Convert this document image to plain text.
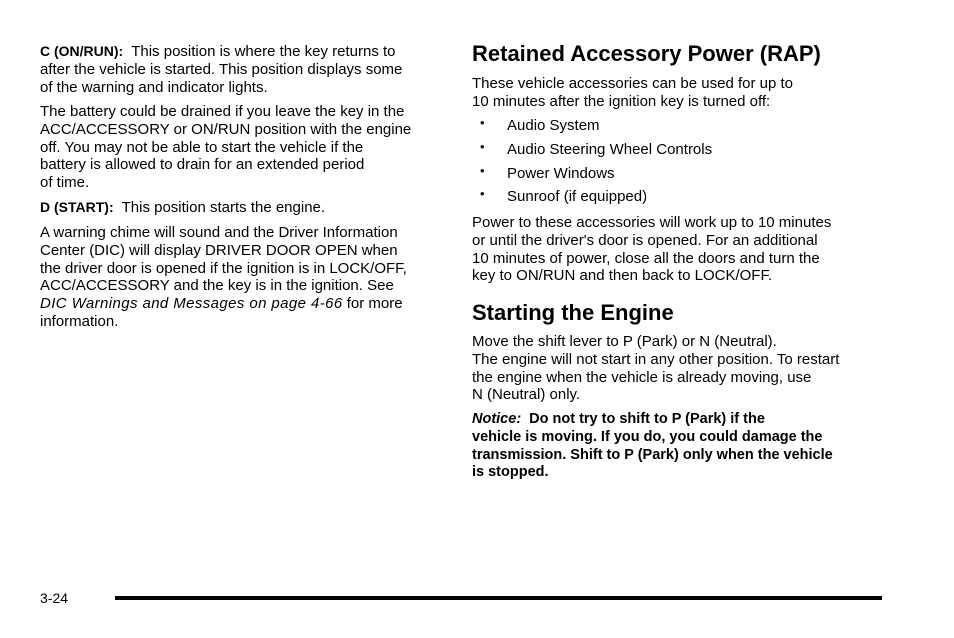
C (ON/RUN): This position is where the key returns to
after the vehicle is started. This position displays some
of the warning and indicator lights.

The battery could be drained if you leave the key in the
ACC/ACCESSORY or ON/RUN position with the engine
off. You may not be able to start the vehicle if the
battery is allowed to drain for an extended period
of time.

D (START): This position starts the engine.

A warning chime will sound and the Driver Information
Center (DIC) will display DRIVER DOOR OPEN when
the driver door is opened if the ignition is in LOCK/OFF,
ACC/ACCESSORY and the key is in the ignition. See
DIC Warnings and Messages on page 4-66 for more
information.

Retained Accessory Power (RAP)

These vehicle accessories can be used for up to
10 minutes after the ignition key is turned off:

• Audio System
• Audio Steering Wheel Controls
• Power Windows
• Sunroof (if equipped)

Power to these accessories will work up to 10 minutes
or until the driver's door is opened. For an additional
10 minutes of power, close all the doors and turn the
key to ON/RUN and then back to LOCK/OFF.

Starting the Engine

Move the shift lever to P (Park) or N (Neutral).
The engine will not start in any other position. To restart
the engine when the vehicle is already moving, use
N (Neutral) only.

Notice: Do not try to shift to P (Park) if the
vehicle is moving. If you do, you could damage the
transmission. Shift to P (Park) only when the vehicle
is stopped.

3-24
